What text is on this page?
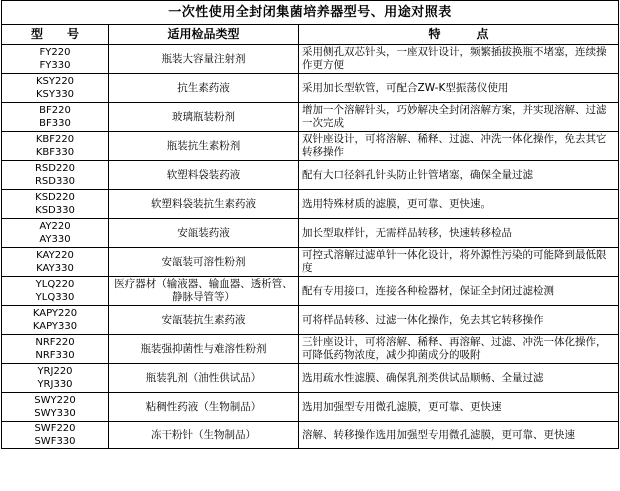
一次性使用全封闭集菌培养器型号、用途对照表		
型　　号	适用检品类型	特　　　点

FY220
FY330	瓶装大容量注射剂	采用侧孔双芯针头，一座双针设计，频繁插拔换瓶不堵塞，连续操作更方便

KSY220
KSY330	抗生素药液	采用加长型软管，可配合ZW-K型振荡仪使用

BF220
BF330	玻璃瓶装粉剂	增加一个溶解针头，巧妙解决全封闭溶解方案，并实现溶解、过滤一次完成

KBF220
KBF330	瓶装抗生素粉剂	双针座设计，可将溶解、稀释、过滤、冲洗一体化操作，免去其它转移操作

RSD220
RSD330	软塑料袋装药液	配有大口径斜孔针头防止针管堵塞，确保全量过滤

KSD220
KSD330	软塑料袋装抗生素药液	选用特殊材质的滤膜，更可靠、更快速。

AY220
AY330	安瓿装药液	加长型取样针，无需样品转移，快速转移检品

KAY220
KAY330	安瓿装可溶性粉剂	可控式溶解过滤单针一体化设计，将外源性污染的可能降到最低限度

YLQ220
YLQ330	医疗器材（输液器、输血器、透析管、静脉导管等）	配有专用接口，连接各种检器材，保证全封闭过滤检测

KAPY220
KAPY330	安瓿装抗生素药液	可将样品转移、过滤一体化操作，免去其它转移操作

NRF220
NRF330	瓶装强抑菌性与难溶性粉剂	三针座设计，可将溶解、稀释、再溶解、过滤、冲洗一体化操作，可降低药物浓度，减少抑菌成分的吸附

YRJ220
YRJ330	瓶装乳剂（油性供试品）	选用疏水性滤膜、确保乳剂类供试品顺畅、全量过滤

SWY220
SWY330	粘稠性药液（生物制品）	选用加强型专用微孔滤膜，更可靠、更快速

SWF220
SWF330	冻干粉针（生物制品）	溶解、转移操作选用加强型专用微孔滤膜，更可靠、更快速
